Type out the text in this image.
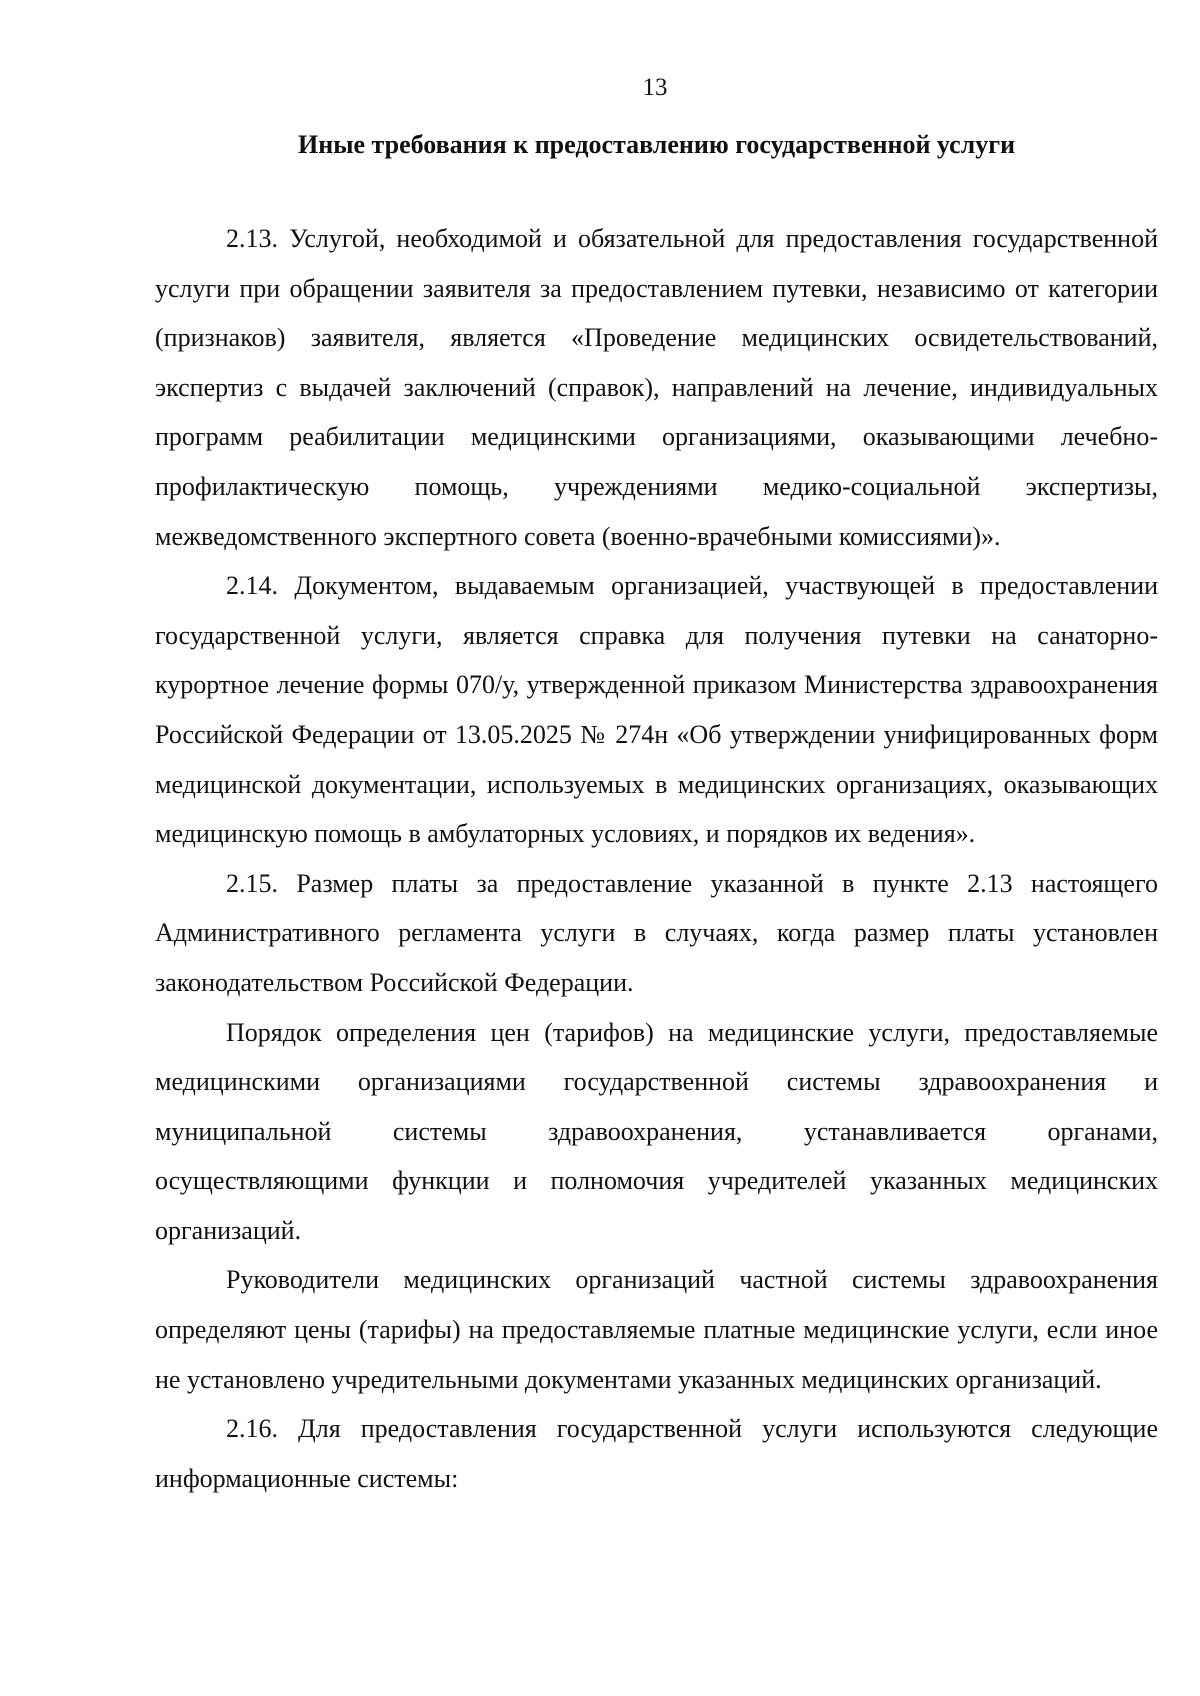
13

Иные требования к предоставлению государственной услуги

2.13. Услугой, необходимой и обязательной для предоставления государственной услуги при обращении заявителя за предоставлением путевки, независимо от категории (признаков) заявителя, является «Проведение медицинских освидетельствований, экспертиз с выдачей заключений (справок), направлений на лечение, индивидуальных программ реабилитации медицинскими организациями, оказывающими лечебно-профилактическую помощь, учреждениями медико-социальной экспертизы, межведомственного экспертного совета (военно-врачебными комиссиями)».

2.14. Документом, выдаваемым организацией, участвующей в предоставлении государственной услуги, является справка для получения путевки на санаторно-курортное лечение формы 070/у, утвержденной приказом Министерства здравоохранения Российской Федерации от 13.05.2025 № 274н «Об утверждении унифицированных форм медицинской документации, используемых в медицинских организациях, оказывающих медицинскую помощь в амбулаторных условиях, и порядков их ведения».

2.15. Размер платы за предоставление указанной в пункте 2.13 настоящего Административного регламента услуги в случаях, когда размер платы установлен законодательством Российской Федерации.

Порядок определения цен (тарифов) на медицинские услуги, предоставляемые медицинскими организациями государственной системы здравоохранения и муниципальной системы здравоохранения, устанавливается органами, осуществляющими функции и полномочия учредителей указанных медицинских организаций.

Руководители медицинских организаций частной системы здравоохранения определяют цены (тарифы) на предоставляемые платные медицинские услуги, если иное не установлено учредительными документами указанных медицинских организаций.

2.16. Для предоставления государственной услуги используются следующие информационные системы:
